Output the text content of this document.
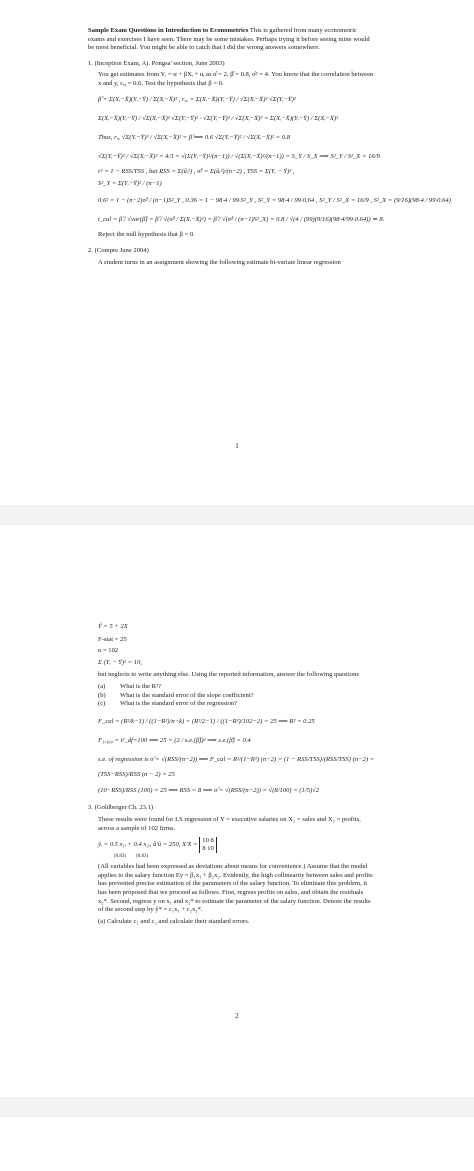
Sample Exam Questions in Introduction to Econometrics This is gathered from many econometric exams and exercises I have seen. There may be some mistakes. Perhaps trying it before seeing mine would be most beneficial. You might be able to catch that I did the wrong answers somewhere.

1. (Inception Exam, Aj. Pongsa' section, June 2003)

You get estimates from Yᵢ = α + βXᵢ + uᵢ as α̂ = 2, β̂ = 0.8, σ̂² = 4. You know that the correlation between x and y, rₓᵧ = 0.6. Test the hypothesis that β = 0.

β̂ = Σ(Xᵢ−X̄)(Yᵢ−Ȳ) / Σ(Xᵢ−X̄)² , rₓᵧ = Σ(Xᵢ−X̄)(Yᵢ−Ȳ) / √Σ(Xᵢ−X̄)² √Σ(Yᵢ−Ȳ)²

Σ(Xᵢ−X̄)(Yᵢ−Ȳ) / √Σ(Xᵢ−X̄)² √Σ(Yᵢ−Ȳ)² · √Σ(Yᵢ−Ȳ)² / √Σ(Xᵢ−X̄)² = Σ(Xᵢ−X̄)(Yᵢ−Ȳ) / Σ(Xᵢ−X̄)²

Thus, rₓᵧ √Σ(Yᵢ−Ȳ)² / √Σ(Xᵢ−X̄)² = β̂ ⟹ 0.6 √Σ(Yᵢ−Ȳ)² / √Σ(Xᵢ−X̄)² = 0.8

√Σ(Yᵢ−Ȳ)² / √Σ(Xᵢ−X̄)² = 4/3 = √(Σ(Yᵢ−Ȳ)²/(n−1)) / √(Σ(Xᵢ−X̄)²/(n−1)) = S_Y / S_X ⟹ S²_Y / S²_X = 16/9

r² = 1 − RSS/TSS , but RSS = Σ(ûᵢ²) , σ̂² = Σ(ûᵢ²)/(n−2) , TSS = Σ(Yᵢ − Ȳ)² ,

S²_Y = Σ(Yᵢ−Ȳ)² / (n−1)

0.6² = 1 − (n−2)σ̂² / (n−1)S²_Y , 0.36 = 1 − 98·4 / 99·S²_Y , S²_Y = 98·4 / 99·0.64 , S²_Y / S²_X = 16/9 , S²_X = (9/16)(98·4 / 99·0.64)

t_cal = β̂ / √var(β̂) = β̂ / √(σ̂² / Σ(Xᵢ−X̄)²) = β̂ / √(σ̂² / (n−1)S²_X) = 0.8 / √(4 / (99)(9/16)(98·4/99·0.64)) ≃ 8.

Reject the null hypothesis that β = 0.

2. (Compre June 2004)

A student turns in an assignment showing the following estimate bi-variate linear regression

1

Ŷ = 5 + 2X

F-stat = 25

n = 102

Σ (Yᵢ − Ȳ)² = 10,

but neglects to write anything else. Using the reported information, answer the following questions

(a)	What is the R²?
(b)	What is the standard error of the slope coefficient?
(c)	What is the standard error of the regression?

F_cal = (R²/k−1) / ((1−R²)/n−k) = (R²/2−1) / ((1−R²)/102−2) = 25 ⟹ R² = 0.25

F₁,₁₀₀ = t²_df=100 ⟹ 25 = (2 / s.e.(β̂))² ⟹ s.e.(β̂) = 0.4

s.e. of regression is σ̂ = √(RSS/(n−2)) ⟹ F_cal = R²/(1−R²) (n−2) = (1 − RSS/TSS)/(RSS/TSS) (n−2) =

(TSS−RSS)/RSS (n − 2) = 25

(10−RSS)/RSS (100) = 25 ⟹ RSS = 8 ⟹ σ̂ = √(RSS/(n−2)) = √(8/100) = (1/5)√2

3. (Goldberger Ch. 23.1)

These results were found for LS regression of Y = executive salaries on X₁ = sales and X₂ = profits, across a sample of 102 firms.

ŷᵢ = 0.5 x₁ᵢ + 0.4 x₂ᵢ, û′û = 250, X′X =
10 8
8 10

(0.83)        (0.83)

(All variables had been expressed as deviations about means for convenience.) Assume that the model applies to the salary function Ey = β₁x₁ + β₂x₂. Evidently, the high collinearity between sales and profits has prevented precise estimation of the parameters of the salary function. To eliminate this problem, it has been proposed that we proceed as follows. First, regress profits on sales, and obtain the residuals x₂*. Second, regress y on x₁ and x₂* to estimate the parameter of the salary function. Denote the results of the second step by ŷ* = c₁x₁ + c₂x₂*.

(a) Calculate c₁ and c₂ and calculate their standard errors.

2
